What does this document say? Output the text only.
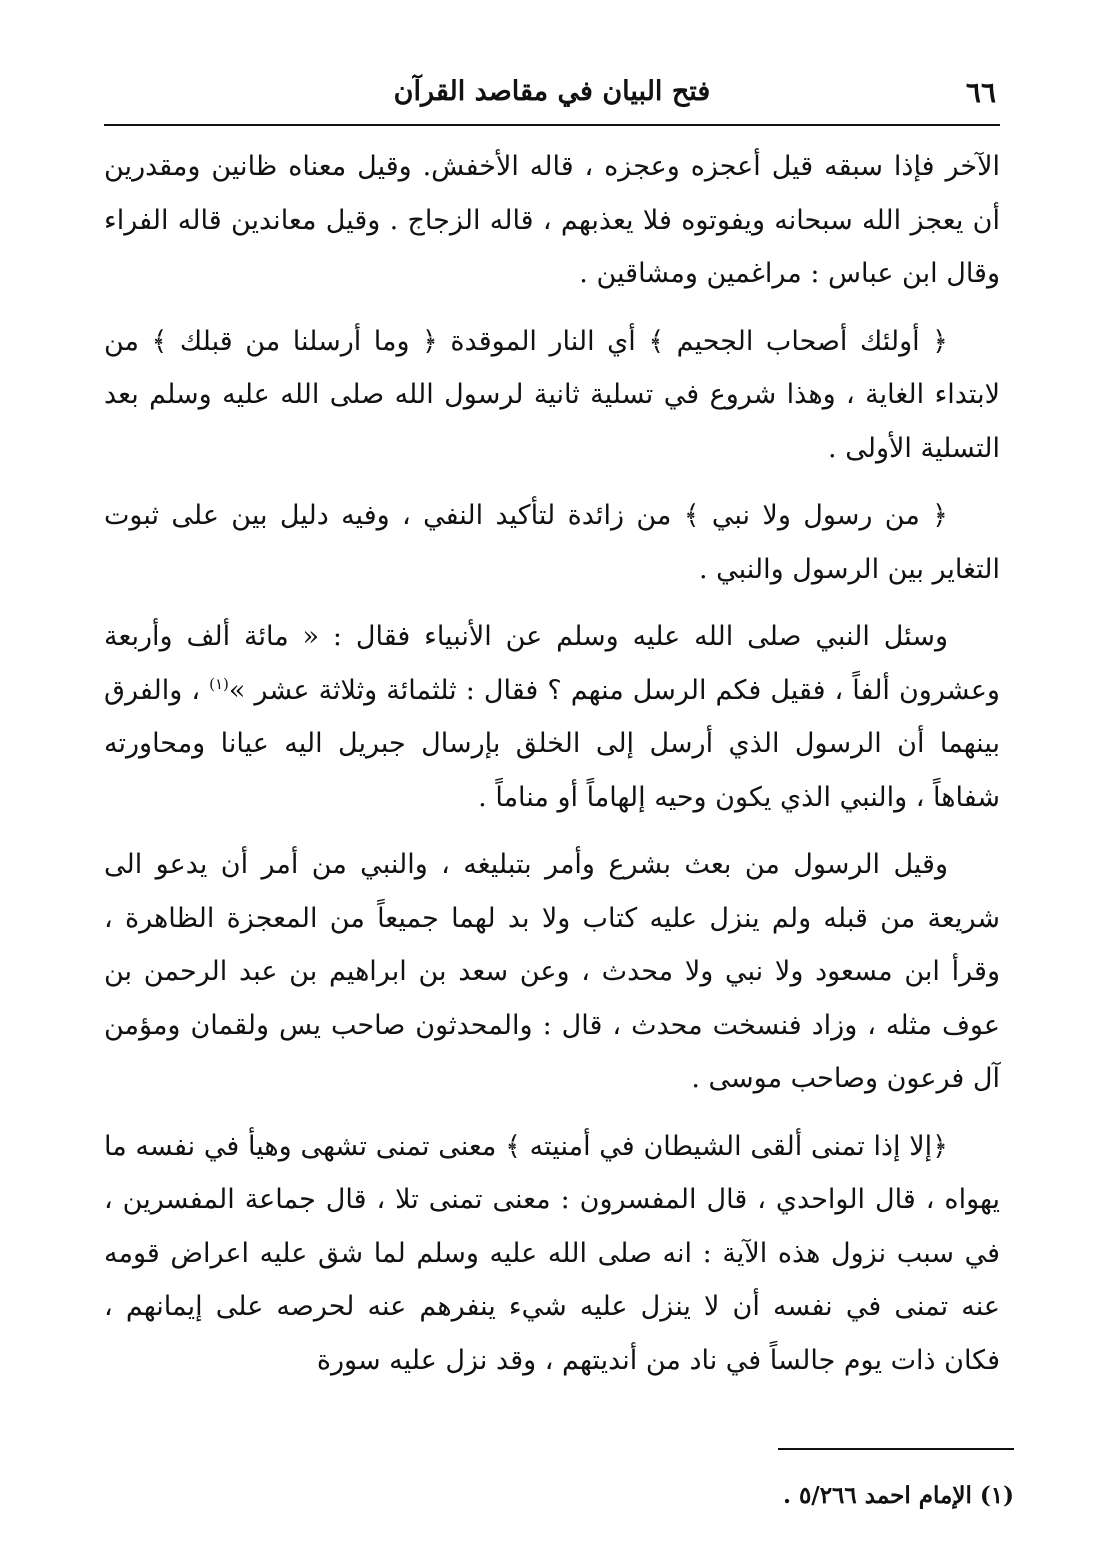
٦٦
فتح البيان في مقاصد القرآن

الآخر فإذا سبقه قيل أعجزه وعجزه ، قاله الأخفش. وقيل معناه ظانين ومقدرين أن يعجز الله سبحانه ويفوتوه فلا يعذبهم ، قاله الزجاج . وقيل معاندين قاله الفراء وقال ابن عباس : مراغمين ومشاقين .

﴿ أولئك أصحاب الجحيم ﴾ أي النار الموقدة ﴿ وما أرسلنا من قبلك ﴾ من لابتداء الغاية ، وهذا شروع في تسلية ثانية لرسول الله صلى الله عليه وسلم بعد التسلية الأولى .

﴿ من رسول ولا نبي ﴾ من زائدة لتأكيد النفي ، وفيه دليل بين على ثبوت التغاير بين الرسول والنبي .

وسئل النبي صلى الله عليه وسلم عن الأنبياء فقال : « مائة ألف وأربعة وعشرون ألفاً ، فقيل فكم الرسل منهم ؟ فقال : ثلثمائة وثلاثة عشر »$^{(١)}$ ، والفرق بينهما أن الرسول الذي أرسل إلى الخلق بإرسال جبريل اليه عيانا ومحاورته شفاهاً ، والنبي الذي يكون وحيه إلهاماً أو مناماً .

وقيل الرسول من بعث بشرع وأمر بتبليغه ، والنبي من أمر أن يدعو الى شريعة من قبله ولم ينزل عليه كتاب ولا بد لهما جميعاً من المعجزة الظاهرة ، وقرأ ابن مسعود ولا نبي ولا محدث ، وعن سعد بن ابراهيم بن عبد الرحمن بن عوف مثله ، وزاد فنسخت محدث ، قال : والمحدثون صاحب يس ولقمان ومؤمن آل فرعون وصاحب موسى .

﴿إلا إذا تمنى ألقى الشيطان في أمنيته ﴾ معنى تمنى تشهى وهيأ في نفسه ما يهواه ، قال الواحدي ، قال المفسرون : معنى تمنى تلا ، قال جماعة المفسرين ، في سبب نزول هذه الآية : انه صلى الله عليه وسلم لما شق عليه اعراض قومه عنه تمنى في نفسه أن لا ينزل عليه شيء ينفرهم عنه لحرصه على إيمانهم ، فكان ذات يوم جالساً في ناد من أنديتهم ، وقد نزل عليه سورة

(١) الإمام احمد ٥/٢٦٦ .
